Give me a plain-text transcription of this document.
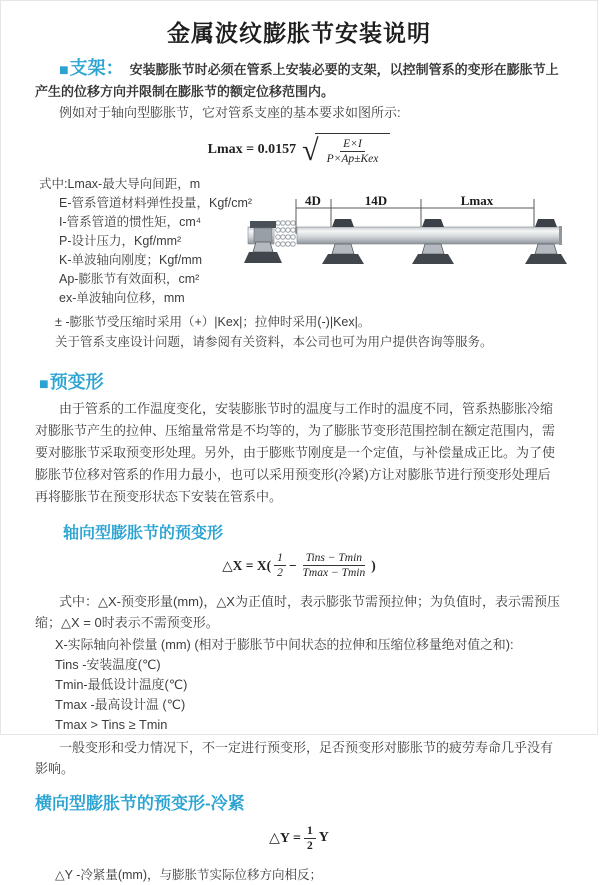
金属波纹膨胀节安装说明

■支架： 安装膨胀节时必须在管系上安装必要的支架，以控制管系的变形在膨胀节上产生的位移方向并限制在膨胀节的额定位移范围内。

例如对于轴向型膨胀节，它对管系支座的基本要求如图所示:

Lmax = 0.0157 √ $\frac{E\times I}{\text{P×Ap±Kex}}$
式中:Lmax-最大导向间距，m
E-管系管道材料弹性投量，Kgf/cm²
I-管系管道的惯性矩，cm⁴
P-设计压力，Kgf/mm²
K-单波轴向刚度；Kgf/mm
Ap-膨胀节有效面积，cm²
ex-单波轴向位移，mm
± -膨胀节受压缩时采用（+）|Kex|；拉伸时采用(-)|Kex|。
关于管系支座设计问题，请参阅有关资料，本公司也可为用户提供咨询等服务。
4D	14D	Lmax
■预变形

由于管系的工作温度变化，安装膨胀节时的温度与工作时的温度不同，管系热膨胀冷缩对膨胀节产生的拉伸、压缩量常常是不均等的，为了膨胀节变形范围控制在额定范围内，需要对膨胀节采取预变形处理。另外，由于膨账节刚度是一个定值，与补偿量成正比。为了使膨胀节位移对管系的作用力最小，也可以采用预变形(冷紧)方让对膨胀节进行预变形处理后再将膨胀节在预变形状态下安装在管系中。

轴向型膨胀节的预变形
△X = $X( \frac{1}{2} - \frac{\text{Tins − Tmin}}{Tmax - Tmin}$ )

式中：△X-预变形量(mm)，△X为正值时，表示膨张节需预拉伸；为负值时，表示需预压缩；△X = 0时表示不需预变形。

X-实际轴向补偿量 (mm) (相对于膨胀节中间状态的拉伸和压缩位移量绝对值之和):
Tins -安装温度(℃)
Tmin-最低设计温度(℃)
Tmax -最高设计温 (℃)
Tmax > Tins ≥ Tmin

一般变形和受力情况下，不一定进行预变形，足否预变形对膨胀节的疲劳寿命几乎没有影响。

横向型膨胀节的预变形-冷紧
△Y = $\frac{1}{2}$ Y
△Y -冷紧量(mm)，与膨胀节实际位移方向相反；
